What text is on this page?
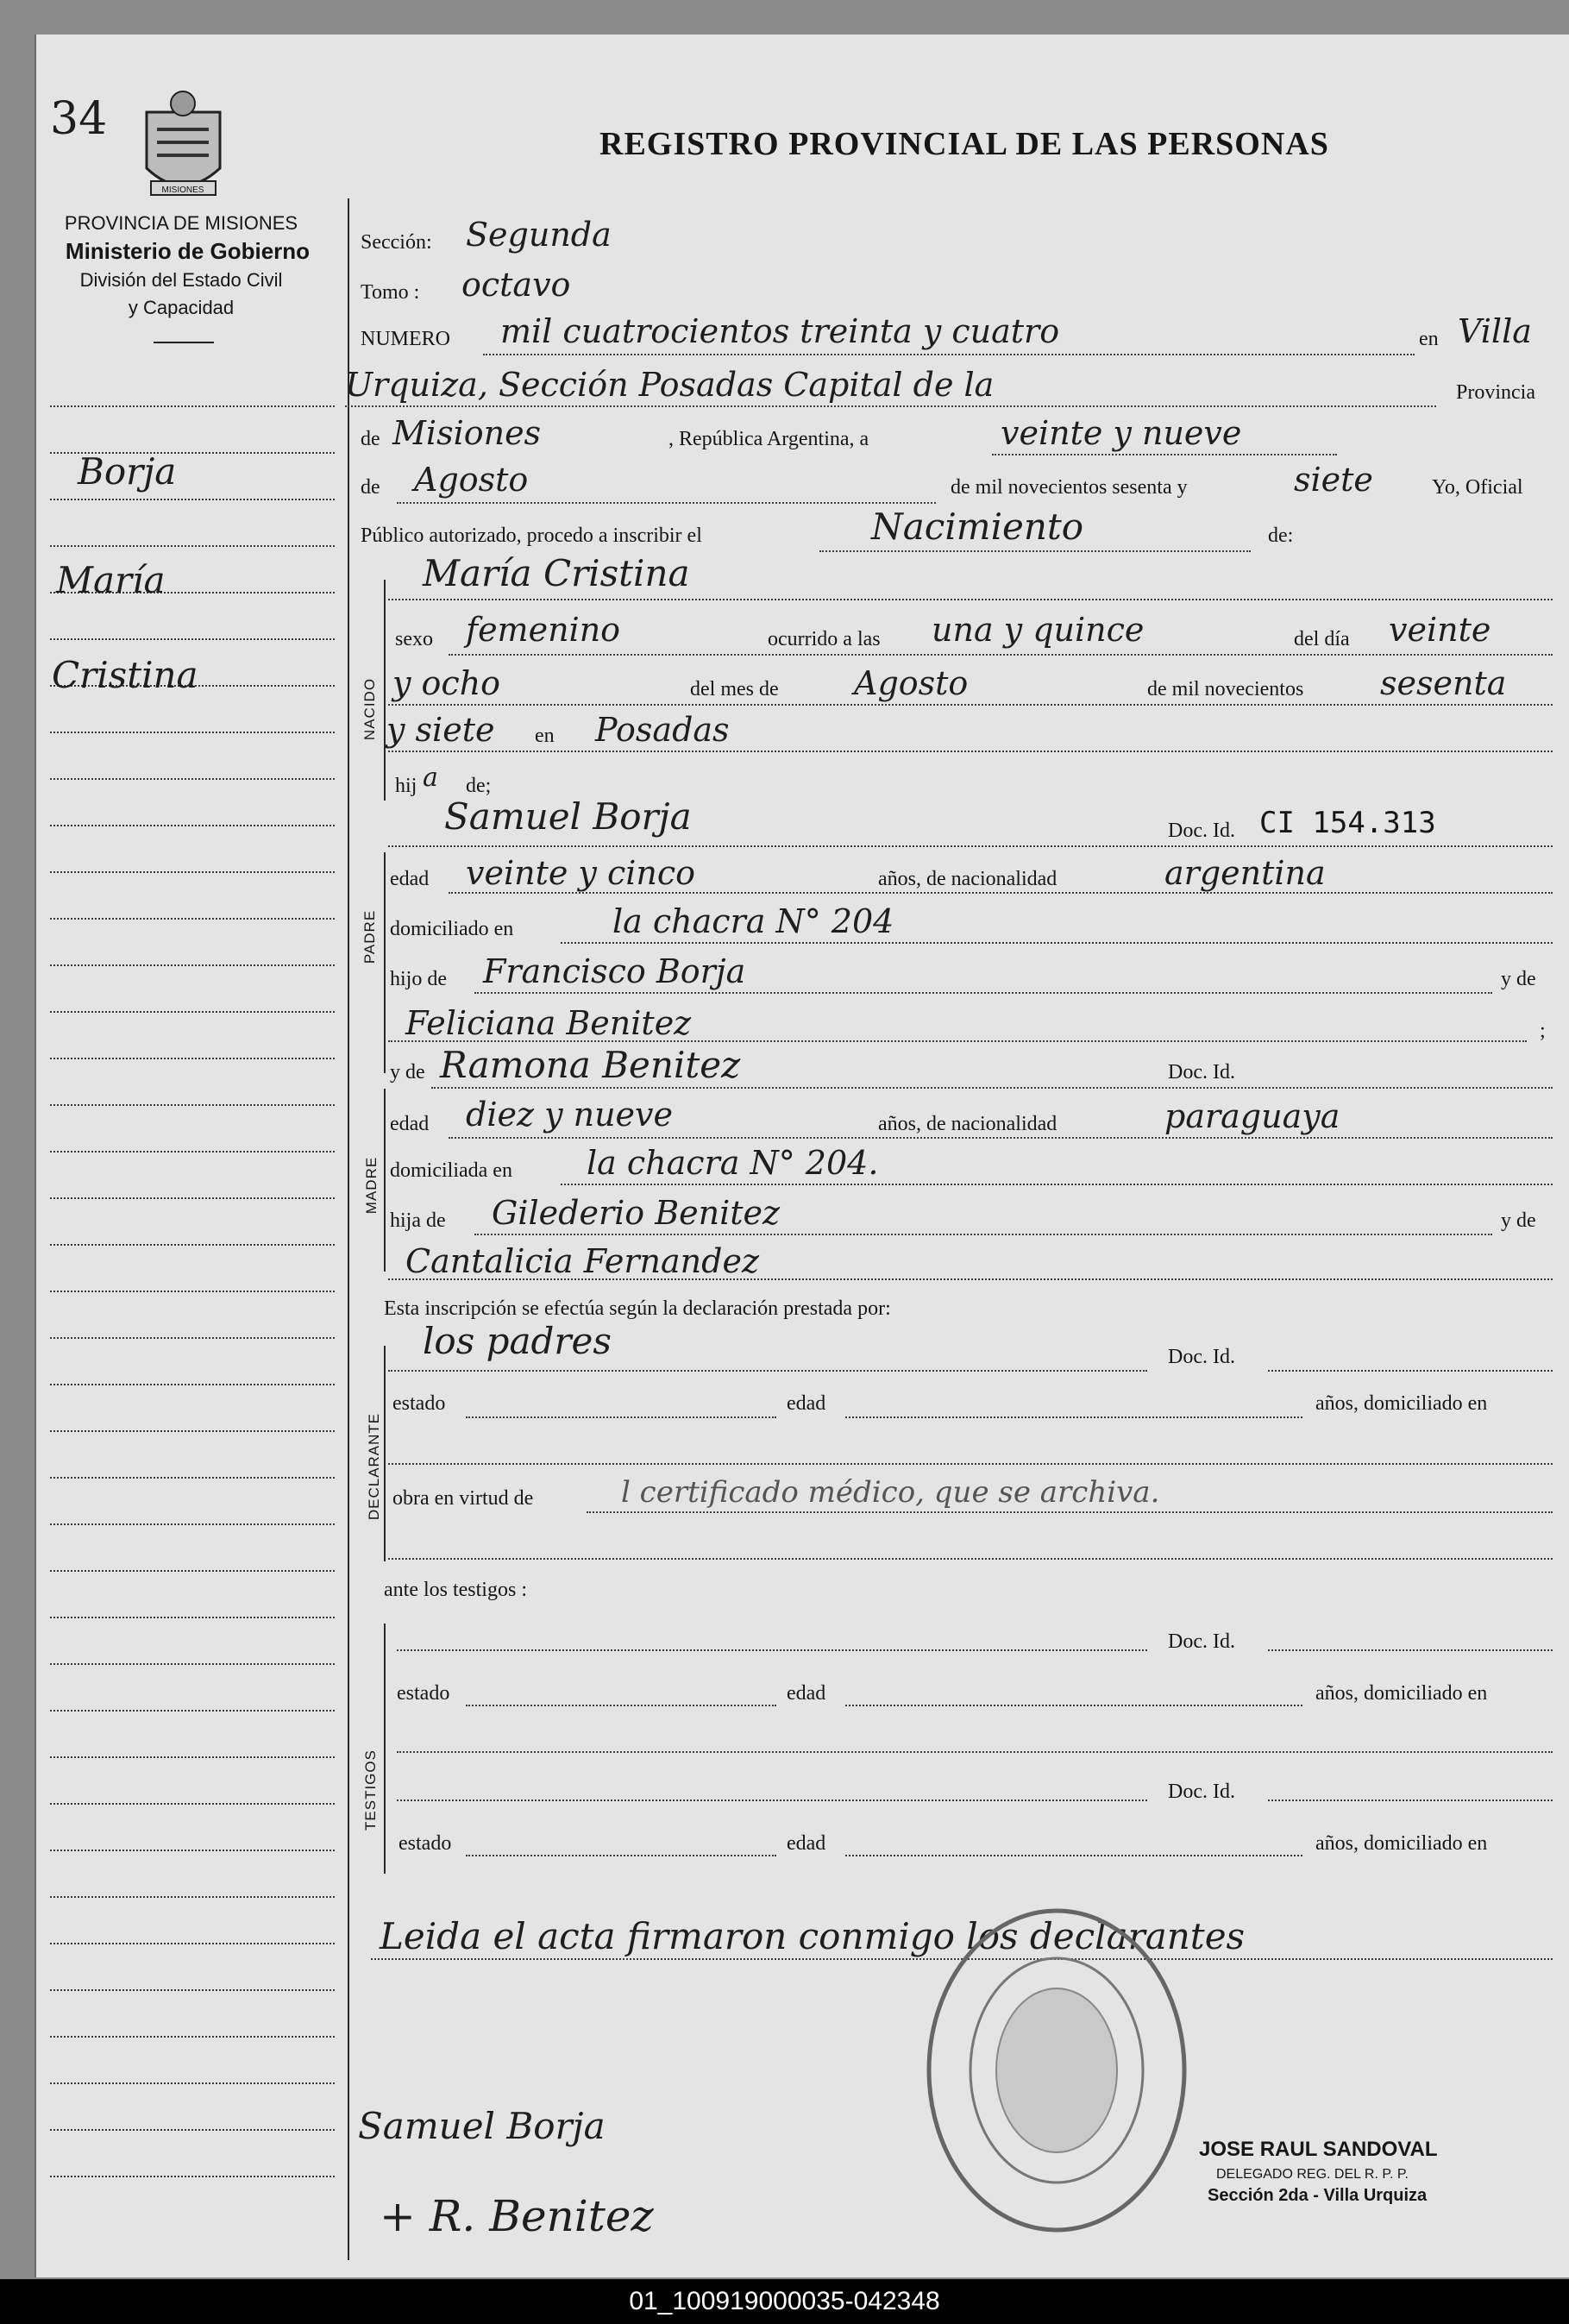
34
MISIONES
REGISTRO PROVINCIAL DE LAS PERSONAS
PROVINCIA DE MISIONES
Ministerio de Gobierno
División del Estado Civil
y Capacidad
Borja
María
Cristina
NACIDO
PADRE
MADRE
DECLARANTE
TESTIGOS
Sección: Segunda
Tomo : octavo
NUMERO mil cuatrocientos treinta y cuatro	en Villa
Urquiza, Sección Posadas Capital de la	Provincia
de Misiones	, República Argentina, a	veinte y nueve
de Agosto	de mil novecientos sesenta y	siete	Yo, Oficial
Público autorizado, procedo a inscribir el	Nacimiento	de:
María Cristina
sexo femenino	ocurrido a las una y quince	del día veinte
y ocho	del mes de Agosto	de mil novecientos sesenta
y siete en Posadas
hij a de;
Samuel Borja	Doc. Id. CI 154.313
edad veinte y cinco	años, de nacionalidad	argentina
domiciliado en	la chacra N° 204
hijo de Francisco Borja	y de
Feliciana Benitez	;
y de Ramona Benitez	Doc. Id.
edad diez y nueve	años, de nacionalidad	paraguaya
domiciliada en la chacra N° 204.
hija de Gilederio Benitez	y de
Cantalicia Fernandez
Esta inscripción se efectúa según la declaración prestada por:
los padres	Doc. Id.
estado	edad	años, domiciliado en
obra en virtud de	l certificado médico, que se archiva.
ante los testigos :
Doc. Id.
estado	edad	años, domiciliado en
Doc. Id.
estado	edad	años, domiciliado en
Leida el acta firmaron conmigo los declarantes
Samuel Borja
+ R. Benitez
JOSE RAUL SANDOVAL
DELEGADO REG. DEL R. P. P.
Sección 2da - Villa Urquiza
01_100919000035-042348
